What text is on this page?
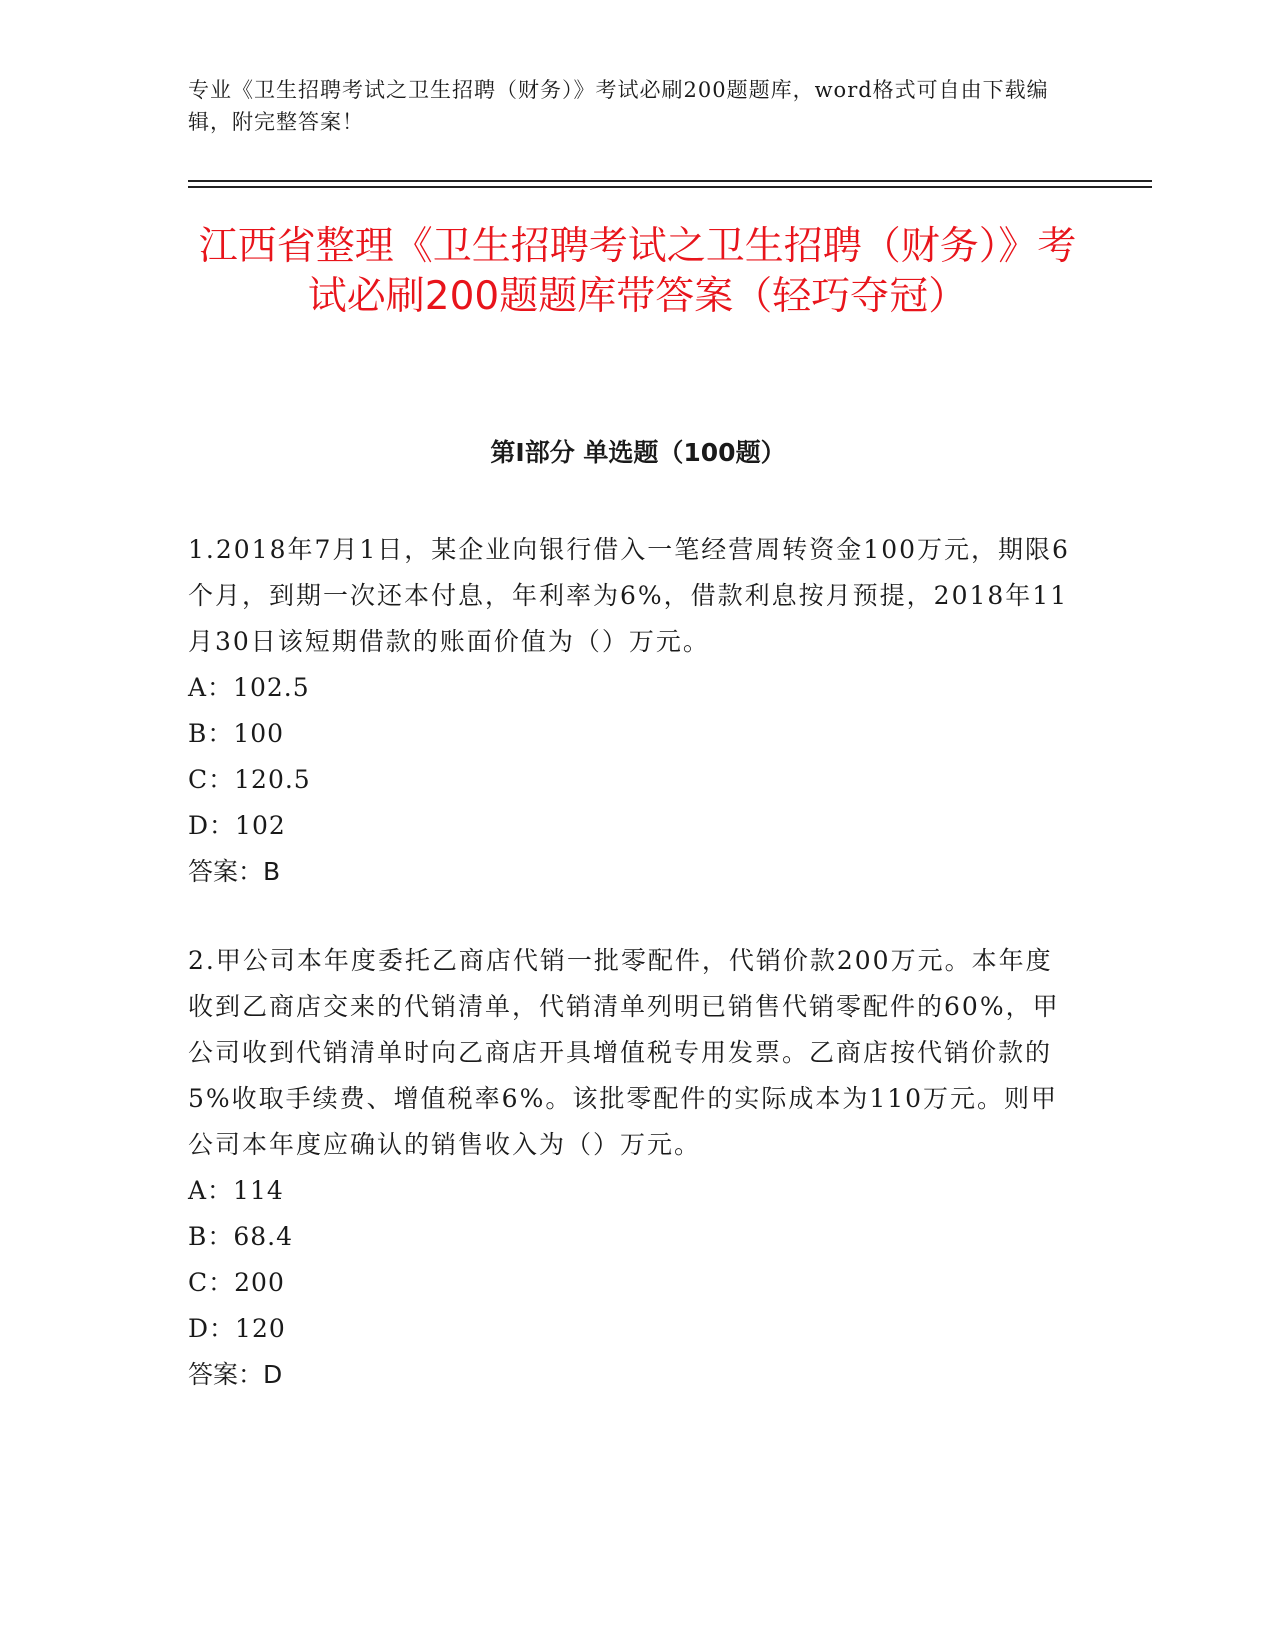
专业《卫生招聘考试之卫生招聘（财务）》考试必刷200题题库，word格式可自由下载编辑，附完整答案！
江西省整理《卫生招聘考试之卫生招聘（财务）》考试必刷200题题库带答案（轻巧夺冠）
第I部分 单选题（100题）

1.2018年7月1日，某企业向银行借入一笔经营周转资金100万元，期限6个月，到期一次还本付息，年利率为6%，借款利息按月预提，2018年11月30日该短期借款的账面价值为（）万元。

A：102.5
B：100
C：120.5
D：102
答案：B

2.甲公司本年度委托乙商店代销一批零配件，代销价款200万元。本年度收到乙商店交来的代销清单，代销清单列明已销售代销零配件的60%，甲公司收到代销清单时向乙商店开具增值税专用发票。乙商店按代销价款的5%收取手续费、增值税率6%。该批零配件的实际成本为110万元。则甲公司本年度应确认的销售收入为（）万元。

A：114
B：68.4
C：200
D：120
答案：D
